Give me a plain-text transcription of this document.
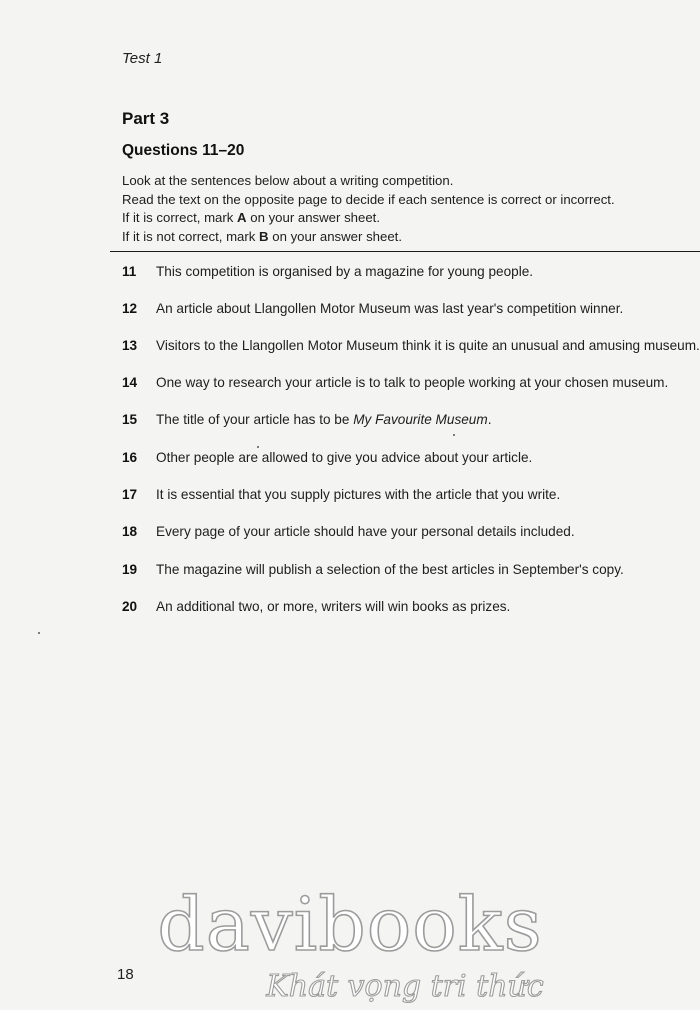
Test 1
Part 3
Questions 11–20
Look at the sentences below about a writing competition.
Read the text on the opposite page to decide if each sentence is correct or incorrect.
If it is correct, mark A on your answer sheet.
If it is not correct, mark B on your answer sheet.
11 This competition is organised by a magazine for young people.
12 An article about Llangollen Motor Museum was last year's competition winner.
13 Visitors to the Llangollen Motor Museum think it is quite an unusual and amusing museum.
14 One way to research your article is to talk to people working at your chosen museum.
15 The title of your article has to be My Favourite Museum.
16 Other people are allowed to give you advice about your article.
17 It is essential that you supply pictures with the article that you write.
18 Every page of your article should have your personal details included.
19 The magazine will publish a selection of the best articles in September's copy.
20 An additional two, or more, writers will win books as prizes.
18
davibooks
Khát vọng tri thức
